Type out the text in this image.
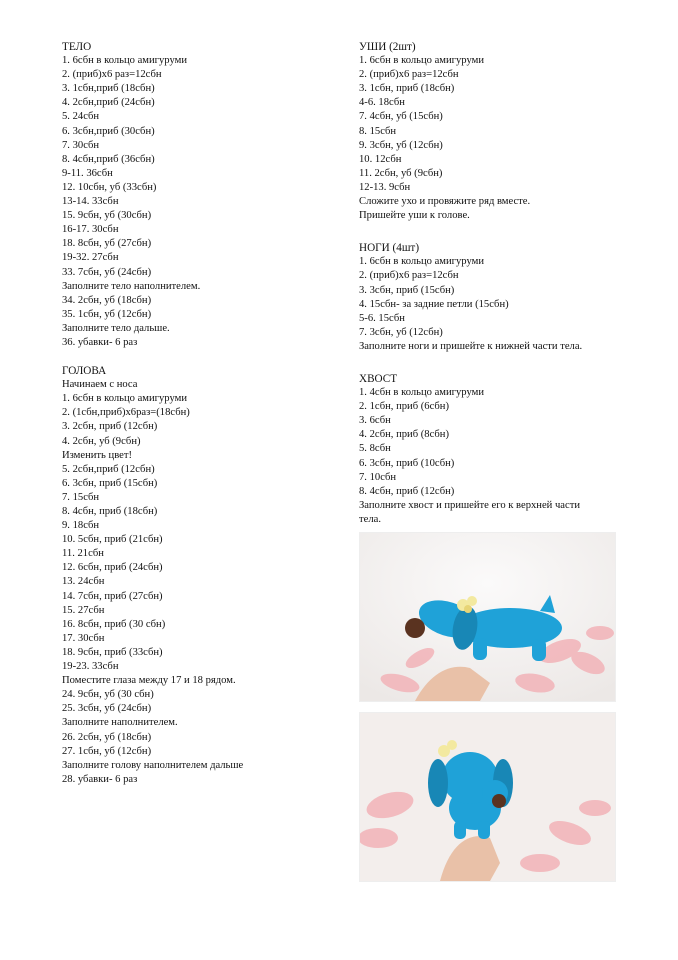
ТЕЛО

1. 6сбн в кольцо амигуруми

2. (приб)х6 раз=12сбн

3. 1сбн,приб (18сбн)

4. 2сбн,приб (24сбн)

5. 24сбн

6. 3сбн,приб (30сбн)

7. 30сбн

8. 4сбн,приб (36сбн)

9-11. 36сбн

12. 10сбн, уб (33сбн)

13-14. 33сбн

15. 9сбн, уб (30сбн)

16-17. 30сбн

18. 8сбн, уб (27сбн)

19-32. 27сбн

33. 7сбн, уб (24сбн)

Заполните тело наполнителем.

34. 2сбн, уб (18сбн)

35. 1сбн, уб (12сбн)

Заполните тело дальше.

36. убавки- 6 раз

ГОЛОВА

Начинаем с носа

1. 6сбн в кольцо амигуруми

2. (1сбн,приб)х6раз=(18сбн)

3. 2сбн, приб (12сбн)

4. 2сбн, уб (9сбн)

Изменить цвет!

5. 2сбн,приб (12сбн)

6. 3сбн, приб (15сбн)

7. 15сбн

8. 4сбн, приб (18сбн)

9. 18сбн

10. 5сбн, приб (21сбн)

11. 21сбн

12. 6сбн, приб (24сбн)

13. 24сбн

14. 7сбн, приб (27сбн)

15. 27сбн

16. 8сбн, приб (30 сбн)

17. 30сбн

18. 9сбн, приб (33сбн)

19-23. 33сбн

Поместите глаза между 17 и 18 рядом.

24. 9сбн, уб (30 сбн)

25. 3сбн, уб (24сбн)

Заполните наполнителем.

26. 2сбн, уб (18сбн)

27. 1сбн, уб (12сбн)

Заполните голову наполнителем дальше

28. убавки- 6 раз

УШИ (2шт)

1. 6сбн в кольцо амигуруми

2. (приб)х6 раз=12сбн

3. 1сбн, приб (18сбн)

4-6. 18сбн

7. 4сбн, уб (15сбн)

8. 15сбн

9. 3сбн, уб (12сбн)

10. 12сбн

11. 2сбн, уб (9сбн)

12-13. 9сбн

Сложите ухо и провяжите ряд вместе.

Пришейте уши к голове.

НОГИ (4шт)

1. 6сбн в кольцо амигуруми

2. (приб)х6 раз=12сбн

3. 3сбн, приб (15сбн)

4. 15сбн- за задние петли (15сбн)

5-6. 15сбн

7. 3сбн, уб (12сбн)

Заполните ноги и пришейте к нижней части тела.

ХВОСТ

1. 4сбн в кольцо амигуруми

2. 1сбн, приб (6сбн)

3. 6сбн

4. 2сбн, приб (8сбн)

5. 8сбн

6. 3сбн, приб (10сбн)

7. 10сбн

8. 4сбн, приб (12сбн)

Заполните хвост и пришейте его к верхней части

тела.
